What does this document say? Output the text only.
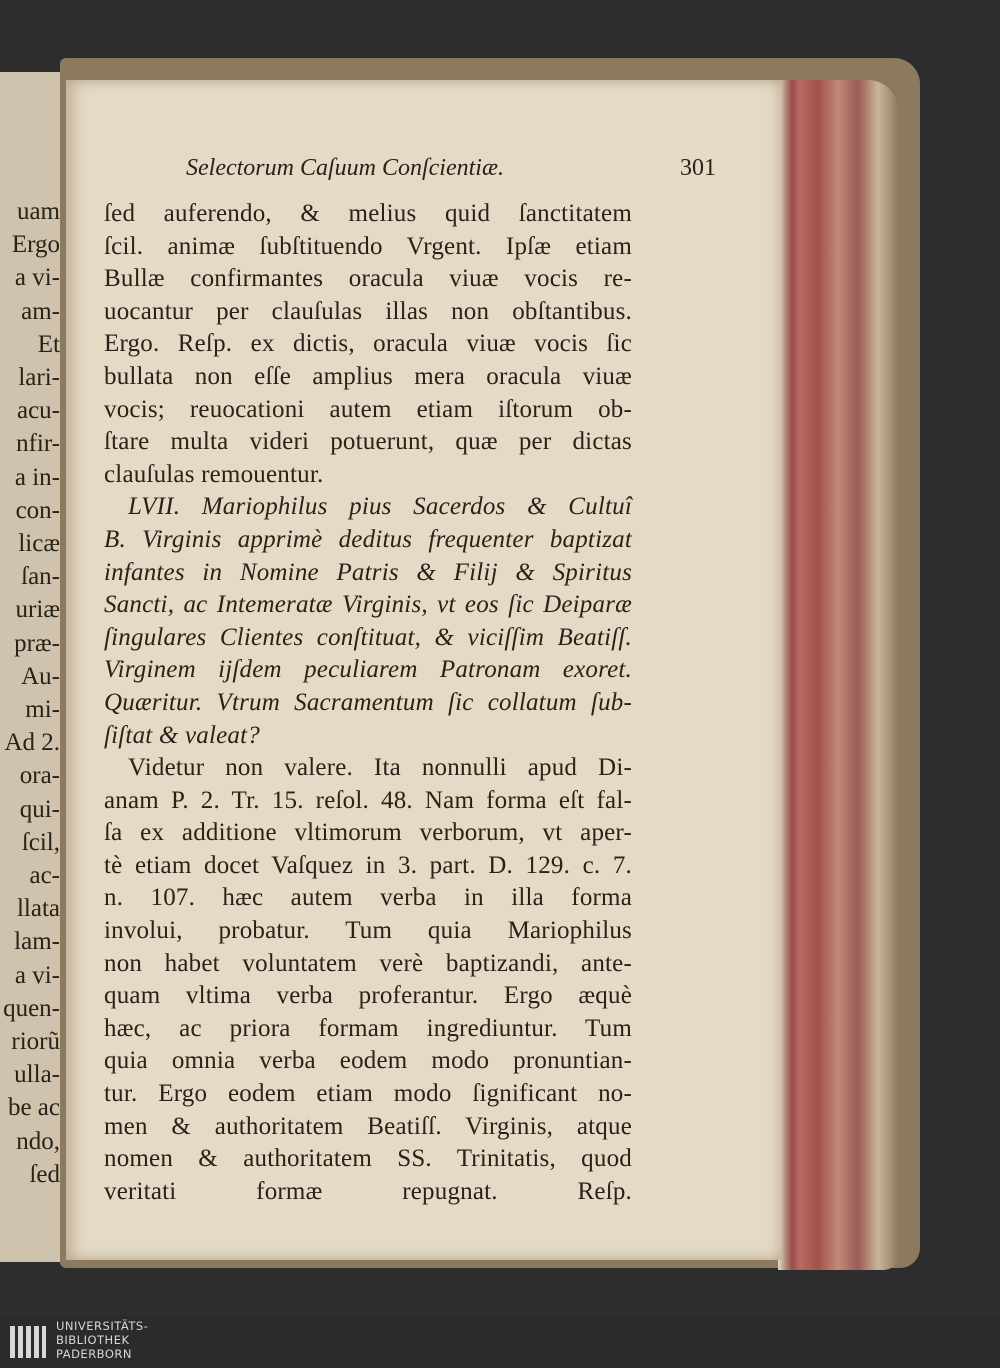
uam
Ergo
a vi-
am-
Et
lari-
acu-
nfir-
a in-
con-
licæ
ſan-
uriæ
præ-
Au-
mi-
Ad 2.
ora-
qui-
ſcil,
ac-
llata
lam-
a vi-
quen-
riorũ
ulla-
be ac
ndo,
ſed
Selectorum Caſuum Conſcientiæ.	301
ſed auferendo, & melius quid ſanctitatem
ſcil. animæ ſubſtituendo Vrgent. Ipſæ etiam
Bullæ confirmantes oracula viuæ vocis re-
uocantur per clauſulas illas non obſtantibus.
Ergo. Reſp. ex dictis, oracula viuæ vocis ſic
bullata non eſſe amplius mera oracula viuæ
vocis; reuocationi autem etiam iſtorum ob-
ſtare multa videri potuerunt, quæ per dictas
clauſulas remouentur.
LVII. Mariophilus pius Sacerdos & Cultuî
B. Virginis apprimè deditus frequenter baptizat
infantes in Nomine Patris & Filij & Spiritus
Sancti, ac Intemeratæ Virginis, vt eos ſic Deiparæ
ſingulares Clientes conſtituat, & viciſſim Beatiſſ.
Virginem ijſdem peculiarem Patronam exoret.
Quæritur. Vtrum Sacramentum ſic collatum ſub-
ſiſtat & valeat?
Videtur non valere. Ita nonnulli apud Di-
anam P. 2. Tr. 15. reſol. 48. Nam forma eſt fal-
ſa ex additione vltimorum verborum, vt aper-
tè etiam docet Vaſquez in 3. part. D. 129. c. 7.
n. 107. hæc autem verba in illa forma
involui, probatur. Tum quia Mariophilus
non habet voluntatem verè baptizandi, ante-
quam vltima verba proferantur. Ergo æquè
hæc, ac priora formam ingrediuntur. Tum
quia omnia verba eodem modo pronuntian-
tur. Ergo eodem etiam modo ſignificant no-
men & authoritatem Beatiſſ. Virginis, atque
nomen & authoritatem SS. Trinitatis, quod
veritati formæ repugnat. Reſp.
UNIVERSITÄTS-
BIBLIOTHEK
PADERBORN
